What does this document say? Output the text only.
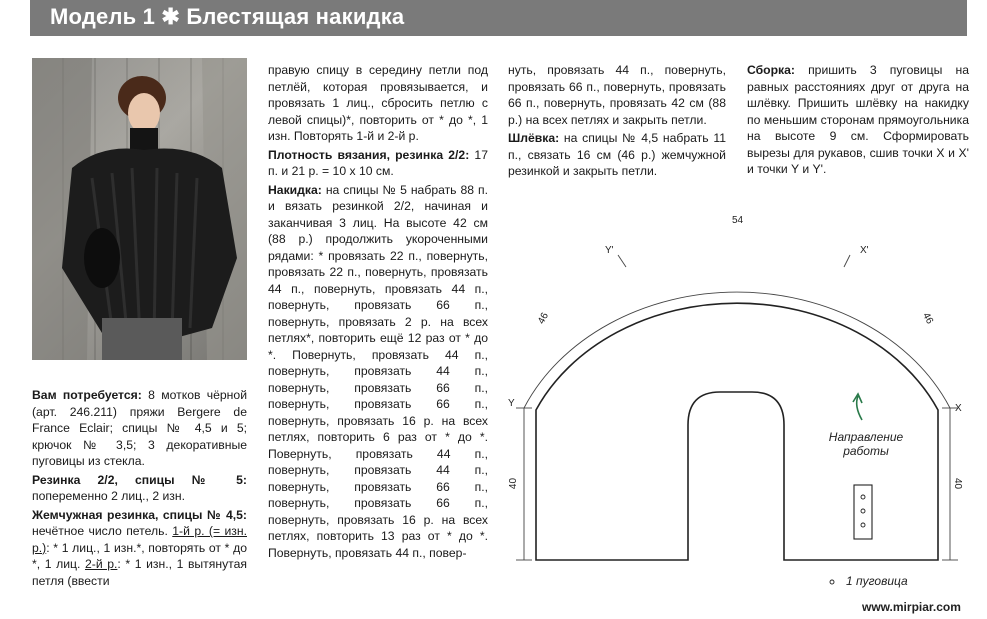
Модель 1 ✱ Блестящая накидка

Вам потребуется: 8 мотков чёрной (арт. 246.211) пряжи Bergere de France Eclair; спицы № 4,5 и 5; крючок № 3,5; 3 декоративные пуговицы из стекла.

Резинка 2/2, спицы № 5: попеременно 2 лиц., 2 изн.

Жемчужная резинка, спицы № 4,5: нечётное число петель. 1-й р. (= изн. р.): * 1 лиц., 1 изн.*, повторять от * до *, 1 лиц. 2-й р.: * 1 изн., 1 вытянутая петля (ввести

правую спицу в середину петли под петлёй, которая провязывается, и провязать 1 лиц., сбросить петлю с левой спицы)*, повторить от * до *, 1 изн. Повторять 1-й и 2-й р.

Плотность вязания, резинка 2/2: 17 п. и 21 р. = 10 х 10 см.

Накидка: на спицы № 5 набрать 88 п. и вязать резинкой 2/2, начиная и заканчивая 3 лиц. На высоте 42 см (88 р.) продолжить укороченными рядами: * провязать 22 п., повернуть, провязать 22 п., повернуть, провязать 44 п., повернуть, провязать 44 п., повернуть, провязать 66 п., повернуть, провязать 2 р. на всех петлях*, повторить ещё 12 раз от * до *. Повернуть, провязать 44 п., повернуть, провязать 44 п., повернуть, провязать 66 п., повернуть, провязать 66 п., повернуть, провязать 16 р. на всех петлях, повторить 6 раз от * до *. Повернуть, провязать 44 п., повернуть, провязать 44 п., повернуть, провязать 66 п., повернуть, провязать 66 п., повернуть, провязать 16 р. на всех петлях, повторить 13 раз от * до *. Повернуть, провязать 44 п., повер-

нуть, провязать 44 п., повернуть, провязать 66 п., повернуть, провязать 66 п., повернуть, провязать 42 см (88 р.) на всех петлях и закрыть петли.

Шлёвка: на спицы № 4,5 набрать 11 п., связать 16 см (46 р.) жемчужной резинкой и закрыть петли.

Сборка: пришить 3 пуговицы на равных расстояниях друг от друга на шлёвку. Пришить шлёвку на накидку по меньшим сторонам прямоугольника на высоте 9 см. Сформировать вырезы для рукавов, сшив точки X и X' и точки Y и Y'.

54
46	46
40	40
Y	X
Y'	X'
Направление работы
1 пуговица
www.mirpiar.com
